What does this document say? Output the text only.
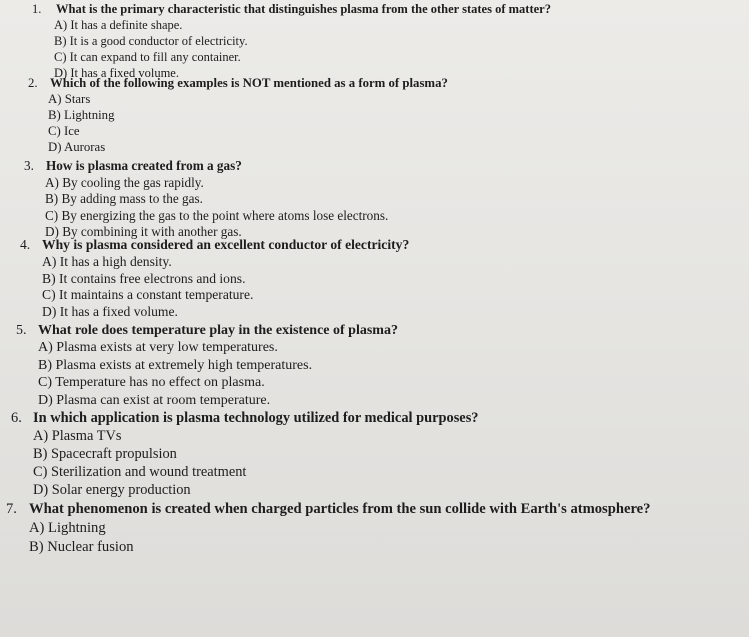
1. What is the primary characteristic that distinguishes plasma from the other states of matter?
A) It has a definite shape.
B) It is a good conductor of electricity.
C) It can expand to fill any container.
D) It has a fixed volume.
2. Which of the following examples is NOT mentioned as a form of plasma?
A) Stars
B) Lightning
C) Ice
D) Auroras
3. How is plasma created from a gas?
A) By cooling the gas rapidly.
B) By adding mass to the gas.
C) By energizing the gas to the point where atoms lose electrons.
D) By combining it with another gas.
4. Why is plasma considered an excellent conductor of electricity?
A) It has a high density.
B) It contains free electrons and ions.
C) It maintains a constant temperature.
D) It has a fixed volume.
5. What role does temperature play in the existence of plasma?
A) Plasma exists at very low temperatures.
B) Plasma exists at extremely high temperatures.
C) Temperature has no effect on plasma.
D) Plasma can exist at room temperature.
6. In which application is plasma technology utilized for medical purposes?
A) Plasma TVs
B) Spacecraft propulsion
C) Sterilization and wound treatment
D) Solar energy production
7. What phenomenon is created when charged particles from the sun collide with Earth's atmosphere?
A) Lightning
B) Nuclear fusion
